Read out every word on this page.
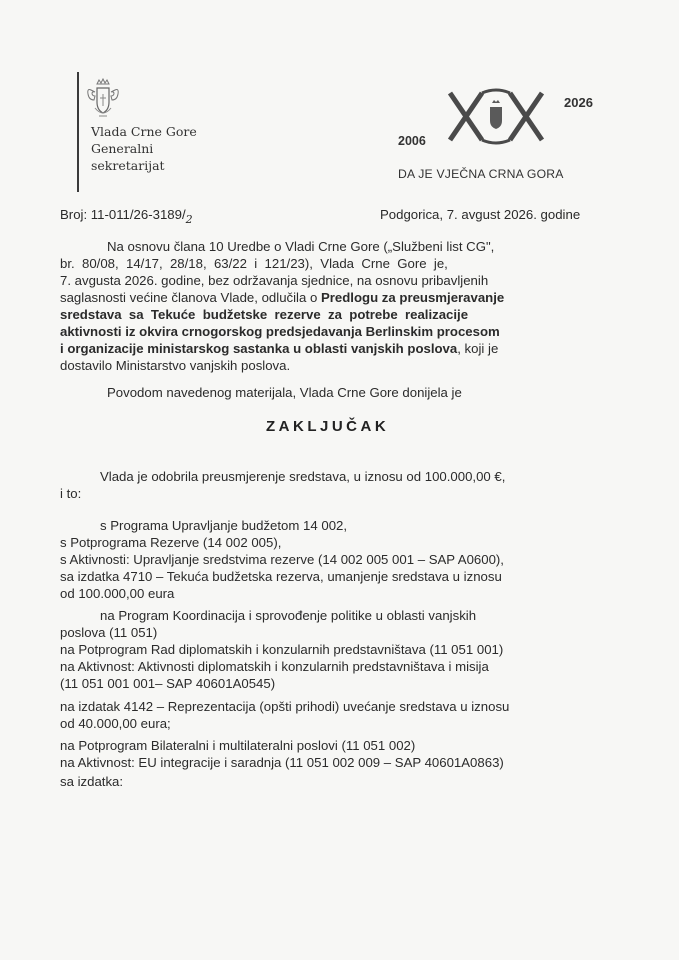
Vlada Crne Gore
Generalni
sekretarijat
2006
2026
DA JE VJEČNA CRNA GORA
Broj: $11-011/26-3189/_2$	Podgorica, 7. avgust 2026. godine
Na osnovu člana 10 Uredbe o Vladi Crne Gore („Službeni list CG",
br.  80/08,  14/17,  28/18,  63/22  i  121/23),  Vlada  Crne  Gore  je,
7. avgusta 2026. godine, bez održavanja sjednice, na osnovu pribavljenih
saglasnosti većine članova Vlade, odlučila o Predlogu za preusmjeravanje
sredstava  sa  Tekuće  budžetske  rezerve  za  potrebe  realizacije
aktivnosti iz okvira crnogorskog predsjedavanja Berlinskim procesom
i organizacije ministarskog sastanka u oblasti vanjskih poslova, koji je
dostavilo Ministarstvo vanjskih poslova.
Povodom navedenog materijala, Vlada Crne Gore donijela je
ZAKLJUČAK
Vlada je odobrila preusmjerenje sredstava, u iznosu od 100.000,00 €,
i to:
s Programa Upravljanje budžetom 14 002,
s Potprograma Rezerve (14 002 005),
s Aktivnosti: Upravljanje sredstvima rezerve (14 002 005 001 – SAP A0600),
sa izdatka 4710 – Tekuća budžetska rezerva, umanjenje sredstava u iznosu
od 100.000,00 eura
na Program Koordinacija i sprovođenje politike u oblasti vanjskih
poslova (11 051)
na Potprogram Rad diplomatskih i konzularnih predstavništava (11 051 001)
na Aktivnost: Aktivnosti diplomatskih i konzularnih predstavništava i misija
(11 051 001 001– SAP 40601A0545)
na izdatak 4142 – Reprezentacija (opšti prihodi) uvećanje sredstava u iznosu
od 40.000,00 eura;
na Potprogram Bilateralni i multilateralni poslovi (11 051 002)
na Aktivnost: EU integracije i saradnja (11 051 002 009 – SAP 40601A0863)
sa izdatka:
